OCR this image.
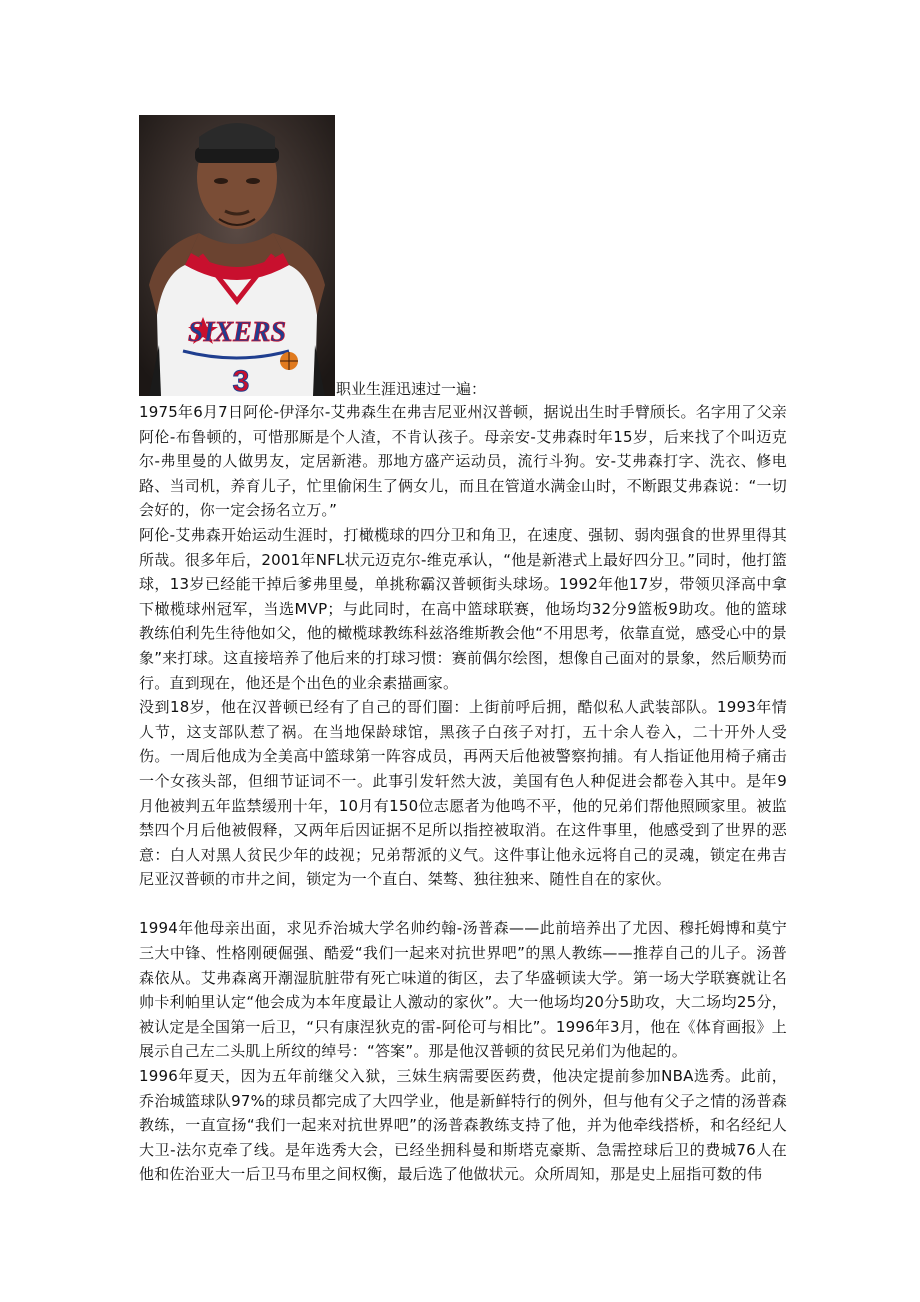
SIXERS
3	职业生涯迅速过一遍：

1975年6月7日阿伦-伊泽尔-艾弗森生在弗吉尼亚州汉普顿，据说出生时手臂颀长。名字用了父亲阿伦-布鲁顿的，可惜那厮是个人渣，不肯认孩子。母亲安-艾弗森时年15岁，后来找了个叫迈克尔-弗里曼的人做男友，定居新港。那地方盛产运动员，流行斗狗。安-艾弗森打字、洗衣、修电路、当司机，养育儿子，忙里偷闲生了俩女儿，而且在管道水满金山时，不断跟艾弗森说：“一切会好的，你一定会扬名立万。”

阿伦-艾弗森开始运动生涯时，打橄榄球的四分卫和角卫，在速度、强韧、弱肉强食的世界里得其所哉。很多年后，2001年NFL状元迈克尔-维克承认，“他是新港式上最好四分卫。”同时，他打篮球，13岁已经能干掉后爹弗里曼，单挑称霸汉普顿街头球场。1992年他17岁，带领贝泽高中拿下橄榄球州冠军，当选MVP；与此同时，在高中篮球联赛，他场均32分9篮板9助攻。他的篮球教练伯利先生待他如父，他的橄榄球教练科兹洛维斯教会他“不用思考，依靠直觉，感受心中的景象”来打球。这直接培养了他后来的打球习惯：赛前偶尔绘图，想像自己面对的景象，然后顺势而行。直到现在，他还是个出色的业余素描画家。

没到18岁，他在汉普顿已经有了自己的哥们圈：上街前呼后拥，酷似私人武装部队。1993年情人节，这支部队惹了祸。在当地保龄球馆，黑孩子白孩子对打，五十余人卷入，二十开外人受伤。一周后他成为全美高中篮球第一阵容成员，再两天后他被警察拘捕。有人指证他用椅子痛击一个女孩头部，但细节证词不一。此事引发轩然大波，美国有色人种促进会都卷入其中。是年9月他被判五年监禁缓刑十年，10月有150位志愿者为他鸣不平，他的兄弟们帮他照顾家里。被监禁四个月后他被假释，又两年后因证据不足所以指控被取消。在这件事里，他感受到了世界的恶意：白人对黑人贫民少年的歧视；兄弟帮派的义气。这件事让他永远将自己的灵魂，锁定在弗吉尼亚汉普顿的市井之间，锁定为一个直白、桀骜、独往独来、随性自在的家伙。

1994年他母亲出面，求见乔治城大学名帅约翰-汤普森——此前培养出了尤因、穆托姆博和莫宁三大中锋、性格刚硬倔强、酷爱“我们一起来对抗世界吧”的黑人教练——推荐自己的儿子。汤普森依从。艾弗森离开潮湿肮脏带有死亡味道的街区，去了华盛顿读大学。第一场大学联赛就让名帅卡利帕里认定“他会成为本年度最让人激动的家伙”。大一他场均20分5助攻，大二场均25分，被认定是全国第一后卫，“只有康涅狄克的雷-阿伦可与相比”。1996年3月，他在《体育画报》上展示自己左二头肌上所纹的绰号：“答案”。那是他汉普顿的贫民兄弟们为他起的。

1996年夏天，因为五年前继父入狱，三妹生病需要医药费，他决定提前参加NBA选秀。此前，乔治城篮球队97%的球员都完成了大四学业，他是新鲜特行的例外，但与他有父子之情的汤普森教练，一直宣扬“我们一起来对抗世界吧”的汤普森教练支持了他，并为他牵线搭桥，和名经纪人大卫-法尔克牵了线。是年选秀大会，已经坐拥科曼和斯塔克豪斯、急需控球后卫的费城76人在他和佐治亚大一后卫马布里之间权衡，最后选了他做状元。众所周知，那是史上屈指可数的伟
